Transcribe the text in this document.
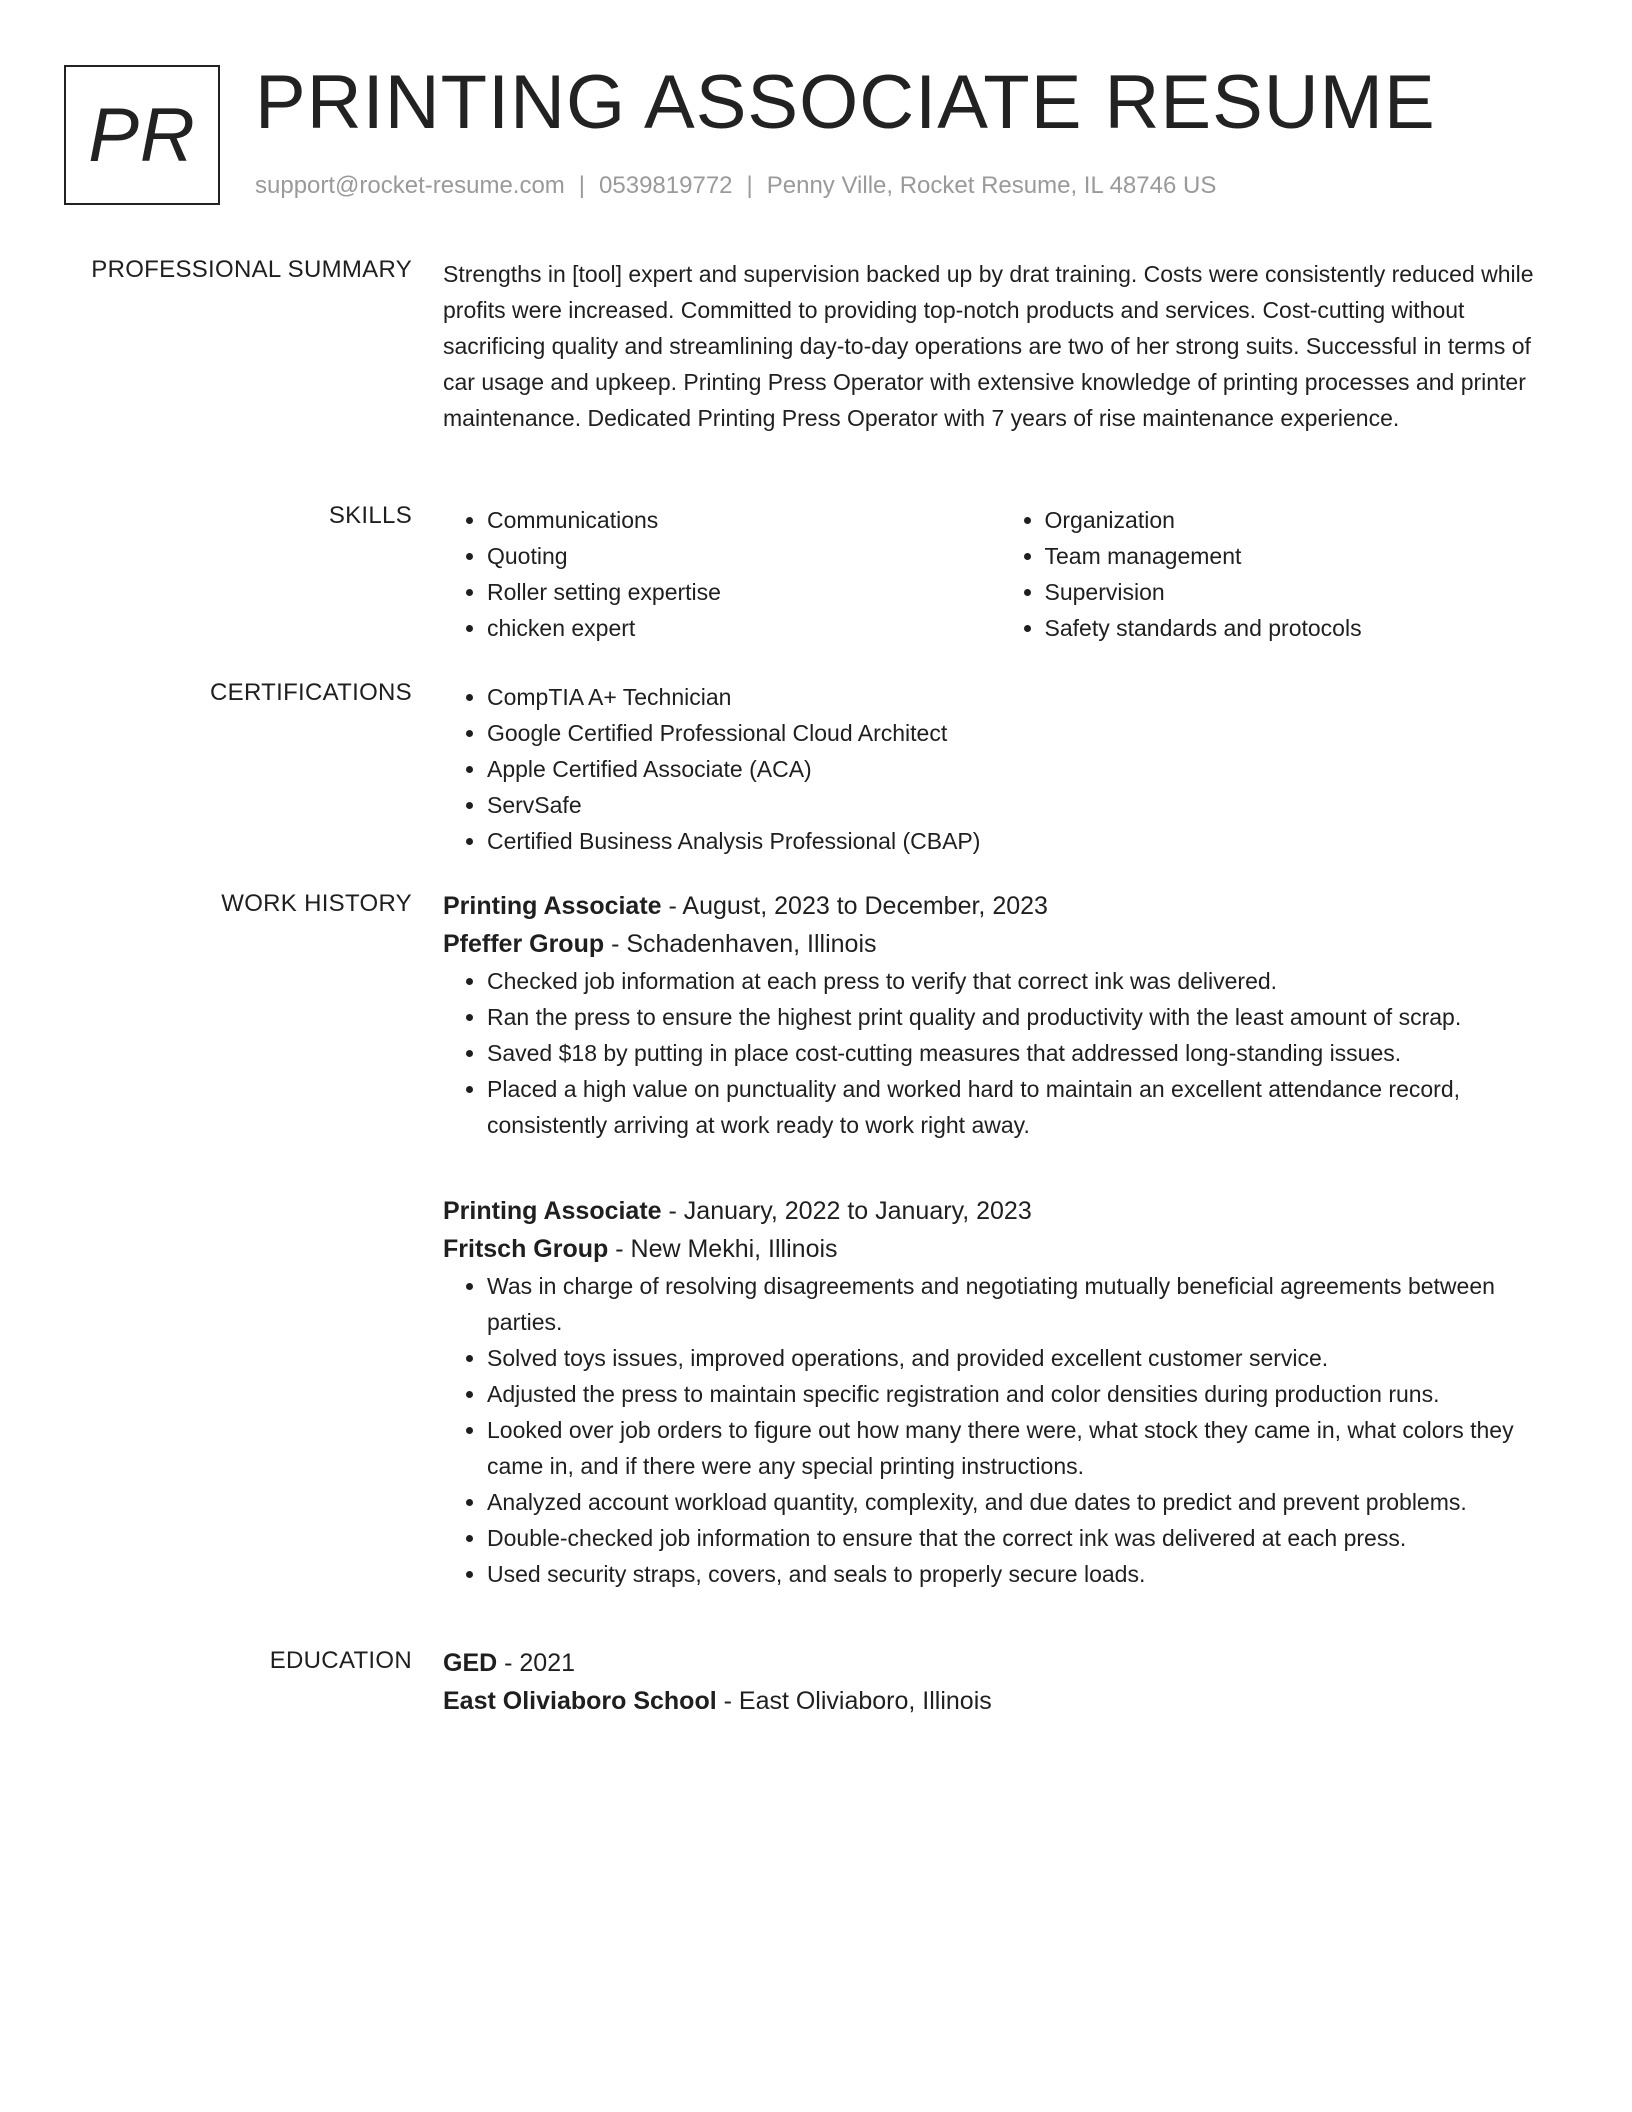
PR PRINTING ASSOCIATE RESUME
support@rocket-resume.com | 0539819772 | Penny Ville, Rocket Resume, IL 48746 US
PROFESSIONAL SUMMARY Strengths in [tool] expert and supervision backed up by drat training. Costs were consistently reduced while profits were increased. Committed to providing top-notch products and services. Cost-cutting without sacrificing quality and streamlining day-to-day operations are two of her strong suits. Successful in terms of car usage and upkeep. Printing Press Operator with extensive knowledge of printing processes and printer maintenance. Dedicated Printing Press Operator with 7 years of rise maintenance experience.

SKILLS	• Communications
• Quoting
• Roller setting expertise
• chicken expert
• Organization
• Team management
• Supervision
• Safety standards and protocols
CERTIFICATIONS	• CompTIA A+ Technician
• Google Certified Professional Cloud Architect
• Apple Certified Associate (ACA)
• ServSafe
• Certified Business Analysis Professional (CBAP)
WORK HISTORY Printing Associate - August, 2023 to December, 2023
Pfeffer Group - Schadenhaven, Illinois
• Checked job information at each press to verify that correct ink was delivered.
• Ran the press to ensure the highest print quality and productivity with the least amount of scrap.
• Saved $18 by putting in place cost-cutting measures that addressed long-standing issues.
• Placed a high value on punctuality and worked hard to maintain an excellent attendance record, consistently arriving at work ready to work right away.
Printing Associate - January, 2022 to January, 2023
Fritsch Group - New Mekhi, Illinois
• Was in charge of resolving disagreements and negotiating mutually beneficial agreements between parties.
• Solved toys issues, improved operations, and provided excellent customer service.
• Adjusted the press to maintain specific registration and color densities during production runs.
• Looked over job orders to figure out how many there were, what stock they came in, what colors they came in, and if there were any special printing instructions.
• Analyzed account workload quantity, complexity, and due dates to predict and prevent problems.
• Double-checked job information to ensure that the correct ink was delivered at each press.
• Used security straps, covers, and seals to properly secure loads.
EDUCATION GED - 2021
East Oliviaboro School - East Oliviaboro, Illinois
